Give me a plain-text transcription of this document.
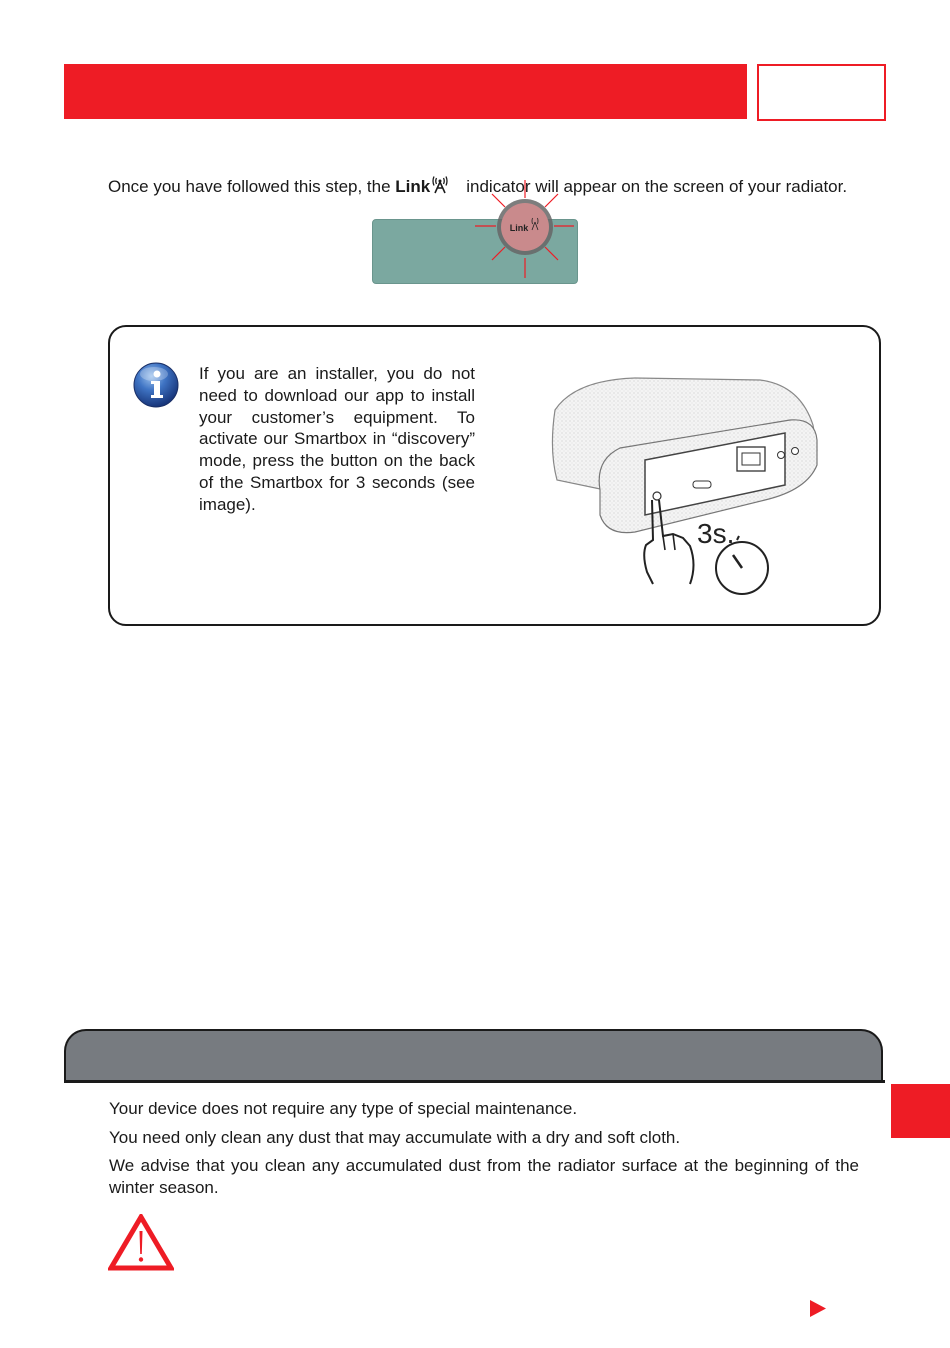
Once you have followed this step, the Link indicator will appear on the screen of your radiator.
Link
If you are an installer, you do not need to download our app to install your customer’s equipment. To activate our Smartbox in “discovery” mode, press the button on the back of the Smartbox for 3 seconds (see image).
3s.

Your device does not require any type of special maintenance.

You need only clean any dust that may accumulate with a dry and soft cloth.

We advise that you clean any accumulated dust from the radiator surface at the beginning of the winter season.
